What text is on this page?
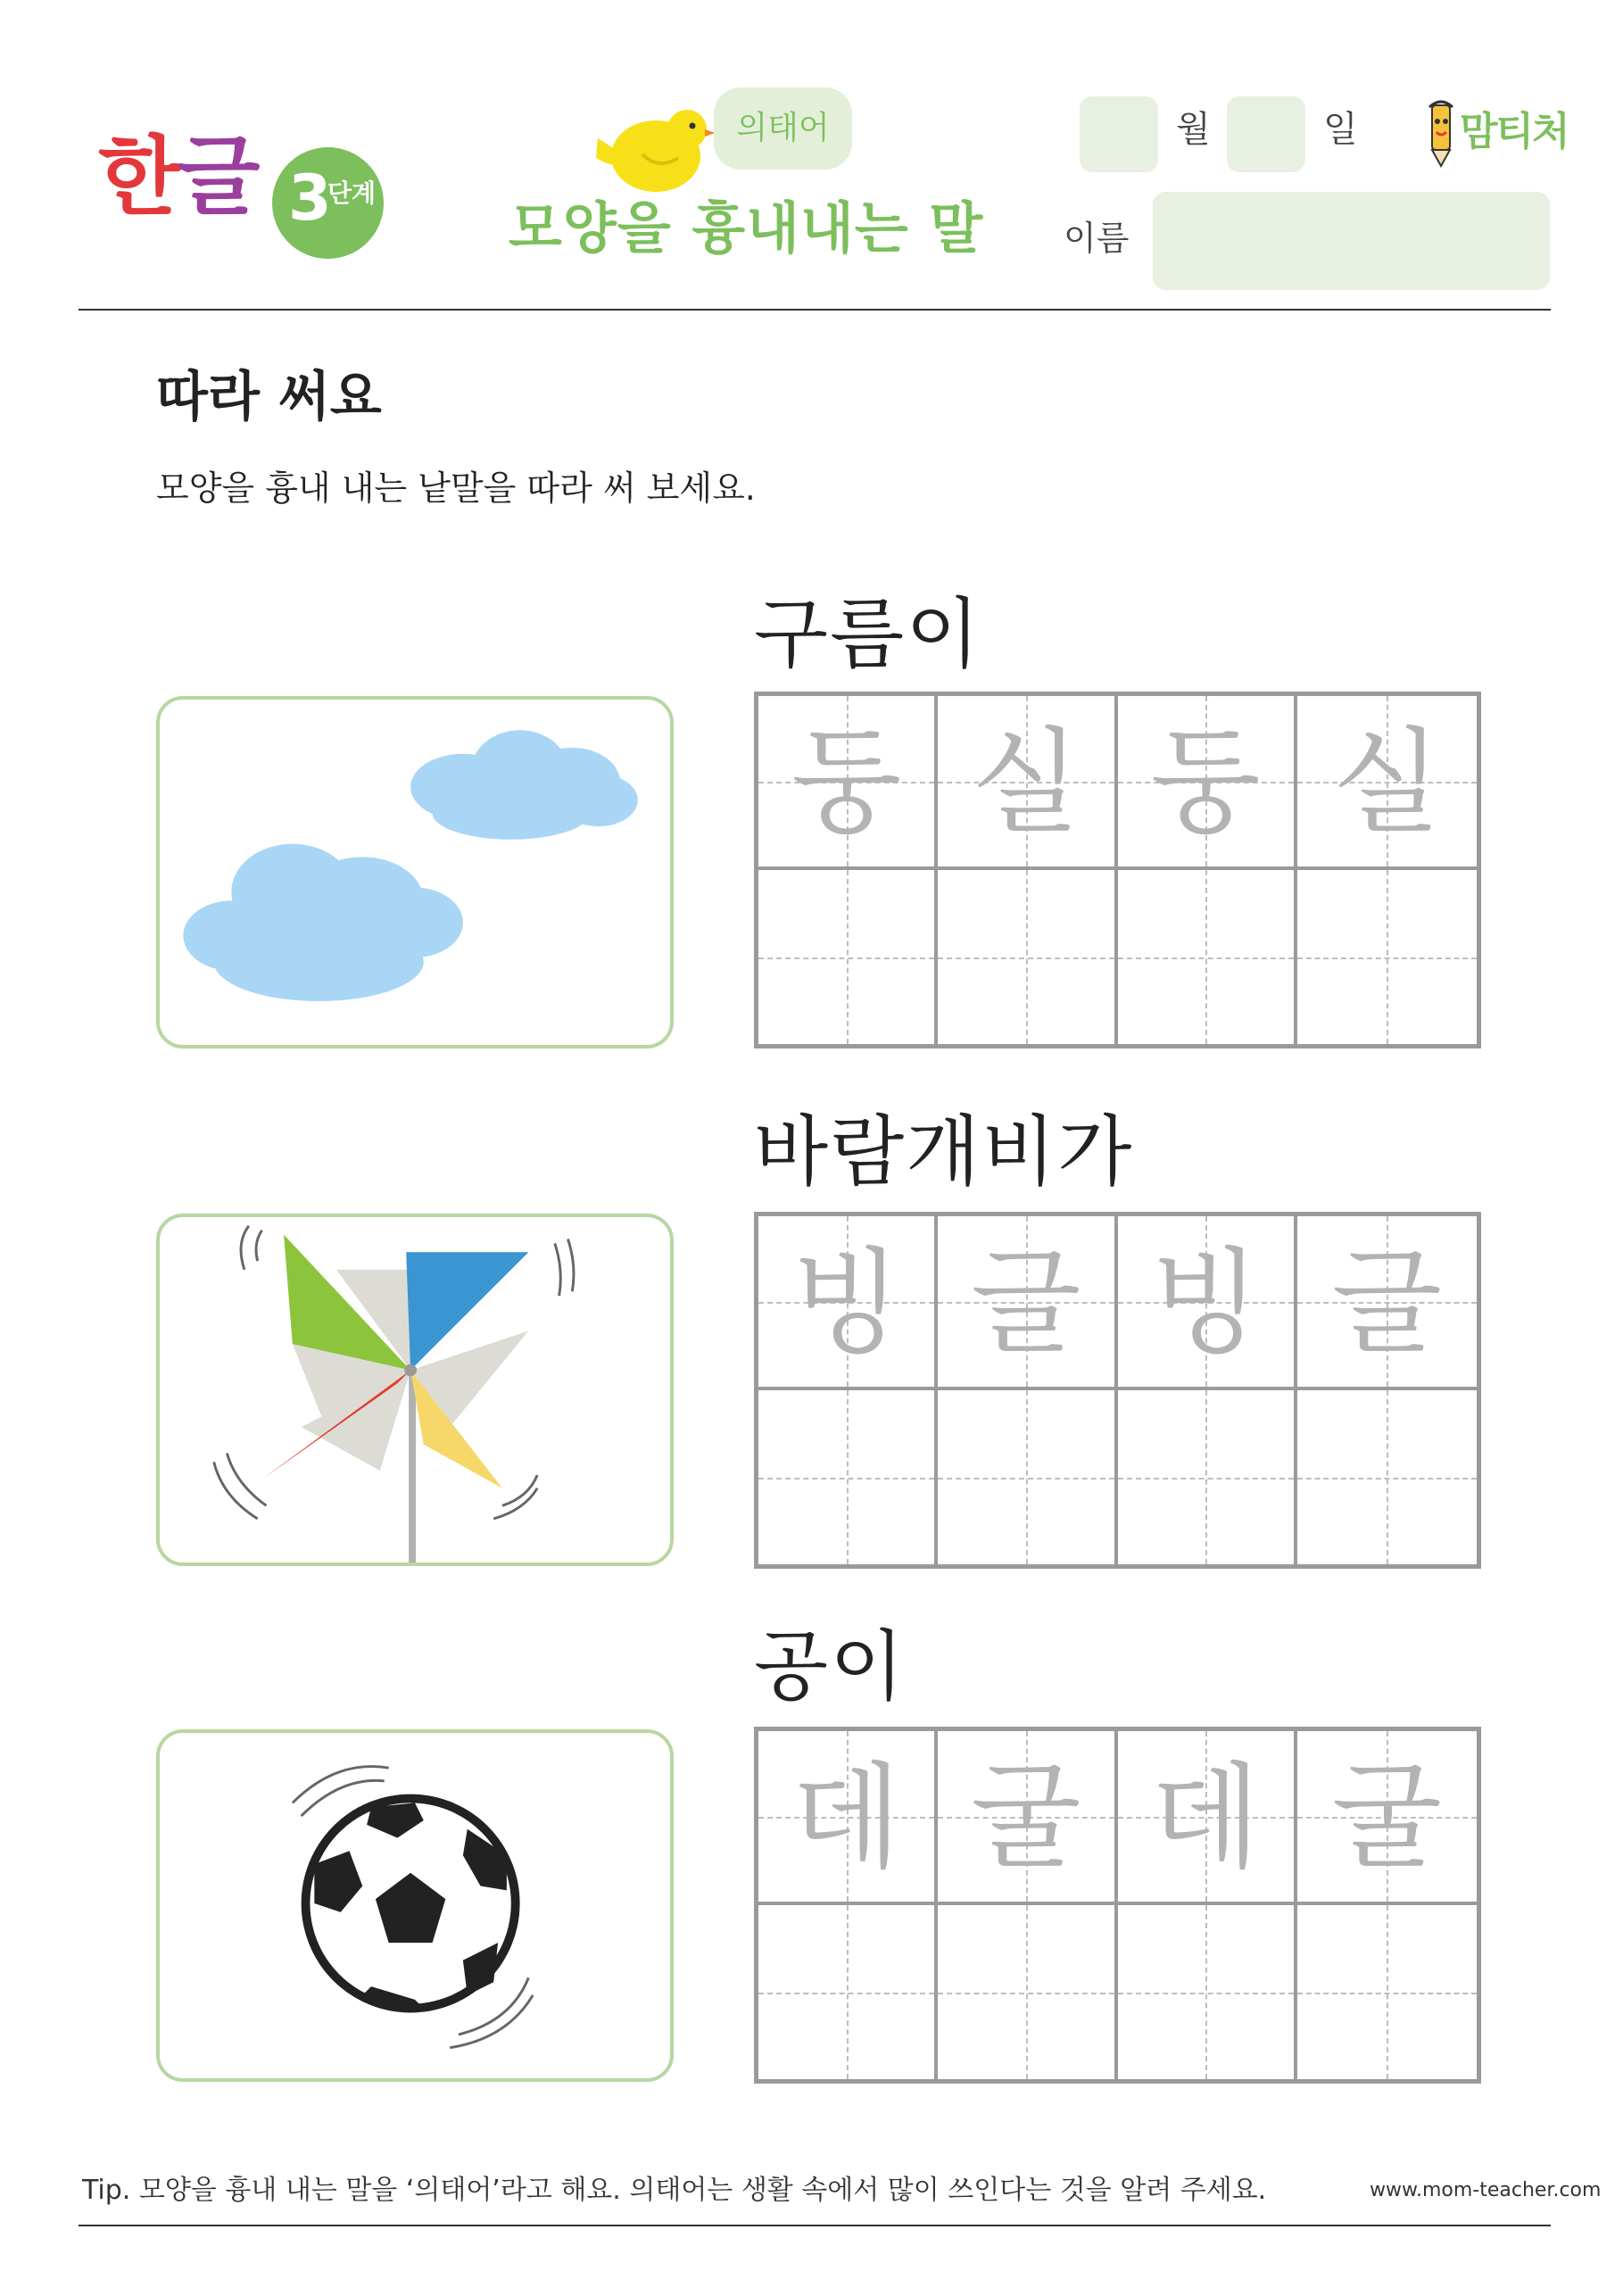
한글 3
단계
의태어
모양을 흉내내는 말
월	일
이름
맘티처
따라 써요
모양을 흉내 내는 낱말을 따라 써 보세요.
구름이
둥 실 둥 실
바람개비가
빙 글 빙 글
공이
데 굴 데 굴
Tip. 모양을 흉내 내는 말을 ‘의태어’라고 해요. 의태어는 생활 속에서 많이 쓰인다는 것을 알려 주세요.	www.mom-teacher.com
